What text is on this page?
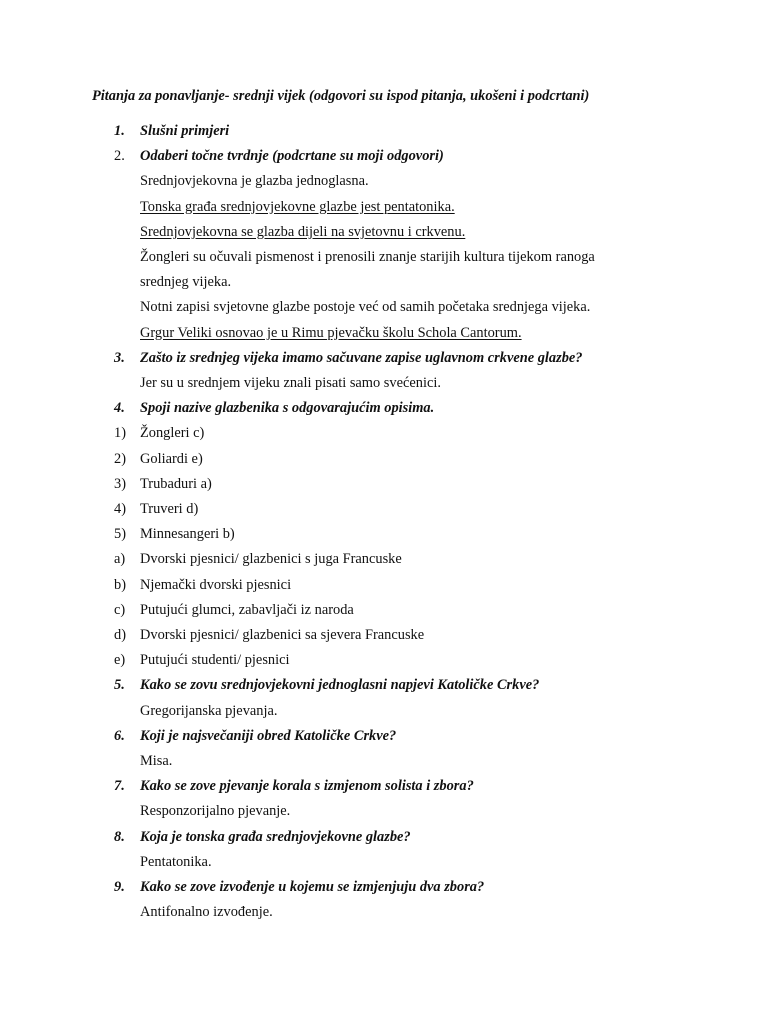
Pitanja za ponavljanje- srednji vijek (odgovori su ispod pitanja, ukošeni i podcrtani)
1. Slušni primjeri
2. Odaberi točne tvrdnje (podcrtane su moji odgovori)
Srednjovjekovna je glazba jednoglasna.
Tonska građa srednjovjekovne glazbe jest pentatonika.
Srednjovjekovna se glazba dijeli na svjetovnu i crkvenu.
Žongleri su očuvali pismenost i prenosili znanje starijih kultura tijekom ranoga
srednjeg vijeka.
Notni zapisi svjetovne glazbe postoje već od samih početaka srednjega vijeka.
Grgur Veliki osnovao je u Rimu pjevačku školu Schola Cantorum.
3. Zašto iz srednjeg vijeka imamo sačuvane zapise uglavnom crkvene glazbe?
Jer su u srednjem vijeku znali pisati samo svećenici.
4. Spoji nazive glazbenika s odgovarajućim opisima.
1) Žongleri c)
2) Goliardi e)
3) Trubaduri a)
4) Truveri d)
5) Minnesangeri b)
a) Dvorski pjesnici/ glazbenici s juga Francuske
b) Njemački dvorski pjesnici
c) Putujući glumci, zabavljači iz naroda
d) Dvorski pjesnici/ glazbenici sa sjevera Francuske
e) Putujući studenti/ pjesnici
5. Kako se zovu srednjovjekovni jednoglasni napjevi Katoličke Crkve?
Gregorijanska pjevanja.
6. Koji je najsvečaniji obred Katoličke Crkve?
Misa.
7. Kako se zove pjevanje korala s izmjenom solista i zbora?
Responzorijalno pjevanje.
8. Koja je tonska građa srednjovjekovne glazbe?
Pentatonika.
9. Kako se zove izvođenje u kojemu se izmjenjuju dva zbora?
Antifonalno izvođenje.
